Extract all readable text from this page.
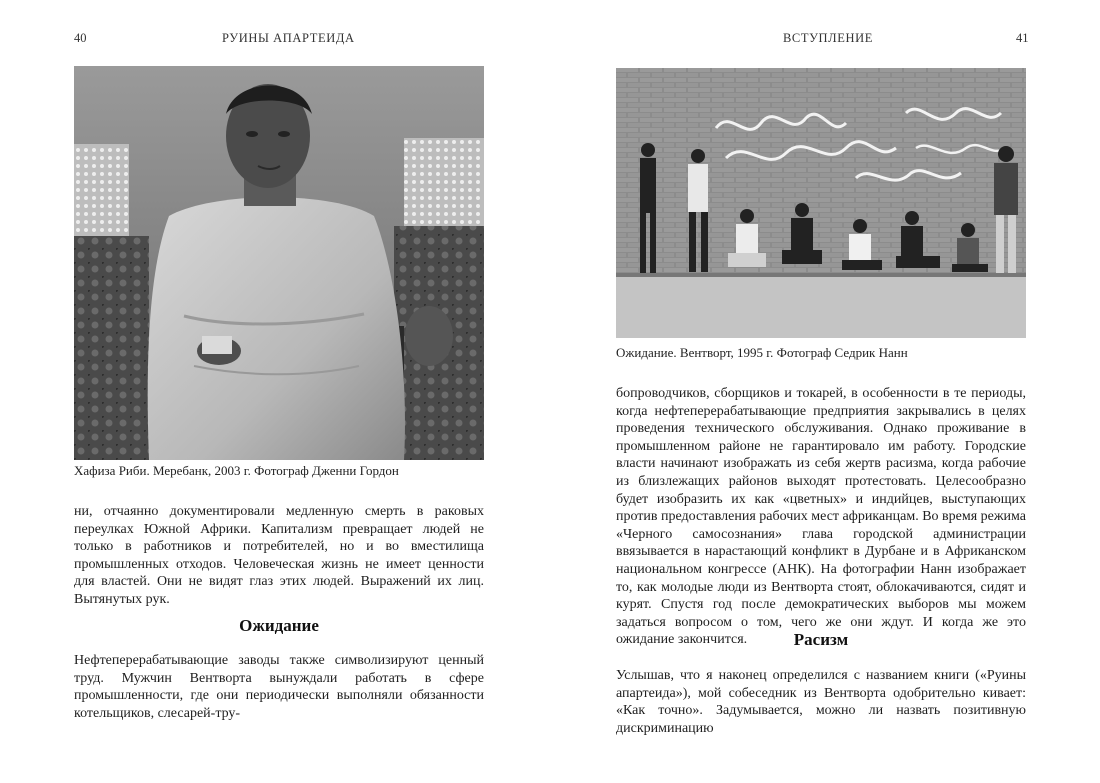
40	РУИНЫ АПАРТЕИДА
Хафиза Риби. Меребанк, 2003 г. Фотограф Дженни Гордон

ни, отчаянно документировали медленную смерть в раковых переулках Южной Африки. Капитализм превращает людей не только в работников и потребителей, но и во вместилища промышленных отходов. Человеческая жизнь не имеет ценности для властей. Они не видят глаз этих людей. Выражений их лиц. Вытянутых рук.

Ожидание

Нефтеперерабатывающие заводы также символизируют ценный труд. Мужчин Вентворта вынуждали работать в сфере промышленности, где они периодически выполняли обязанности котельщиков, слесарей-тру-

ВСТУПЛЕНИЕ	41
Ожидание. Вентворт, 1995 г. Фотограф Седрик Нанн

бопроводчиков, сборщиков и токарей, в особенности в те периоды, когда нефтеперерабатывающие предприятия закрывались в целях проведения технического обслуживания. Однако проживание в промышленном районе не гарантировало им работу. Городские власти начинают изображать из себя жертв расизма, когда рабочие из близлежащих районов выходят протестовать. Целесообразно будет изобразить их как «цветных» и индийцев, выступающих против предоставления рабочих мест африканцам. Во время режима «Черного самосознания» глава городской администрации ввязывается в нарастающий конфликт в Дурбане и в Африканском национальном конгрессе (АНК). На фотографии Нанн изображает то, как молодые люди из Вентворта стоят, облокачиваются, сидят и курят. Спустя год после демократических выборов мы можем задаться вопросом о том, чего же они ждут. И когда же это ожидание закончится.	Расизм

Услышав, что я наконец определился с названием книги («Руины апартеида»), мой собеседник из Вентворта одобрительно кивает: «Как точно». Задумывается, можно ли назвать позитивную дискриминацию
